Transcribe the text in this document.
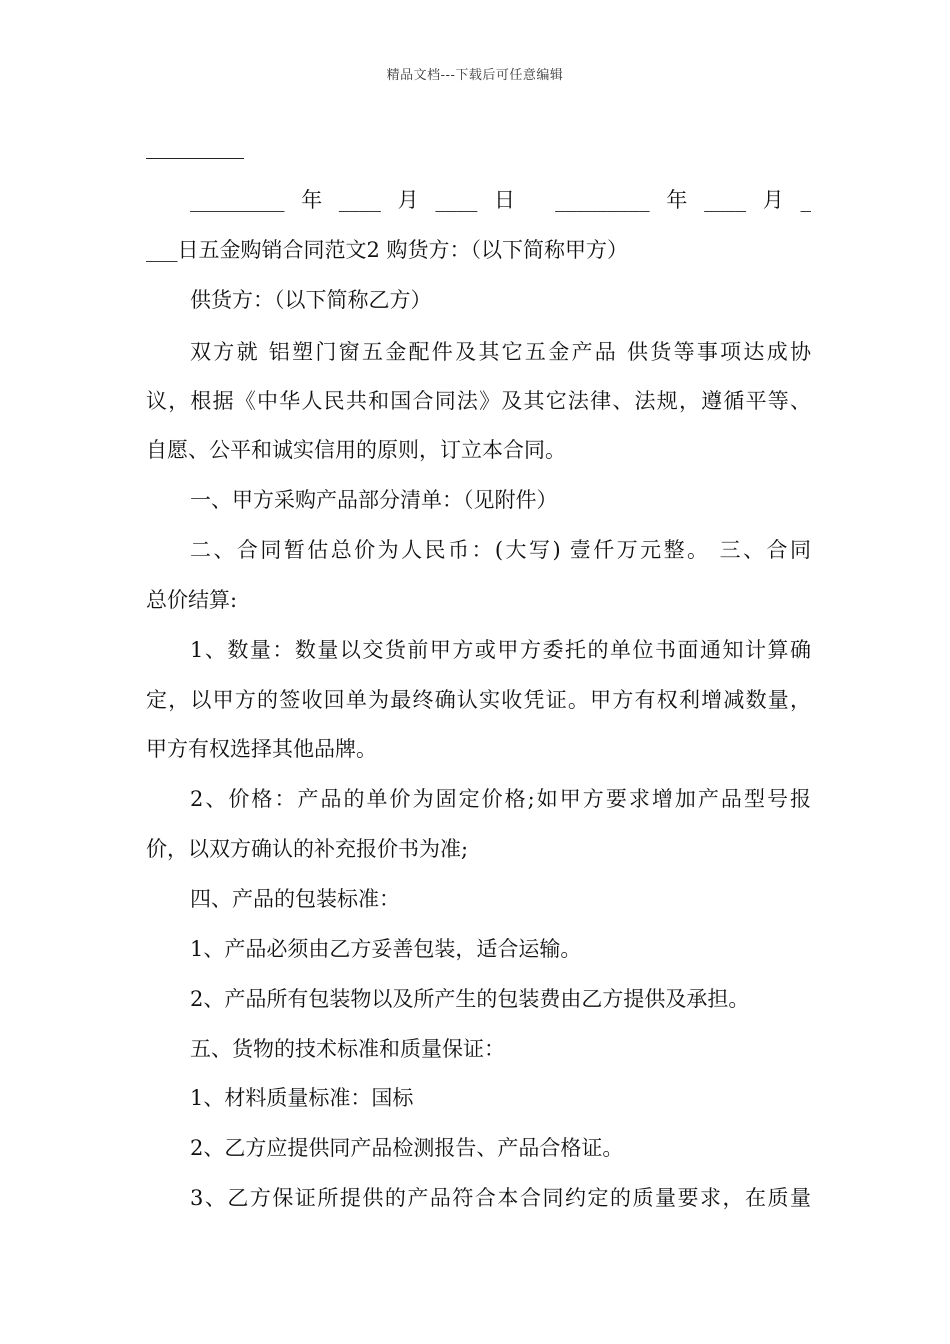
精品文档---下载后可任意编辑
_________年____月____日 _________年____月_
___日五金购销合同范文2 购货方：（以下简称甲方）
供货方：（以下简称乙方）
双方就 铝塑门窗五金配件及其它五金产品 供货等事项达成协
议，根据《中华人民共和国合同法》及其它法律、法规，遵循平等、
自愿、公平和诚实信用的原则，订立本合同。
一、甲方采购产品部分清单：（见附件）
二、合同暂估总价为人民币：(大写) 壹仟万元整。 三、合同
总价结算:
1、数量：数量以交货前甲方或甲方委托的单位书面通知计算确
定，以甲方的签收回单为最终确认实收凭证。甲方有权利增减数量，
甲方有权选择其他品牌。
2、价格：产品的单价为固定价格;如甲方要求增加产品型号报
价，以双方确认的补充报价书为准;
四、产品的包装标准：
1、产品必须由乙方妥善包装，适合运输。
2、产品所有包装物以及所产生的包装费由乙方提供及承担。
五、货物的技术标准和质量保证：
1、材料质量标准：国标
2、乙方应提供同产品检测报告、产品合格证。
3、乙方保证所提供的产品符合本合同约定的质量要求，在质量
